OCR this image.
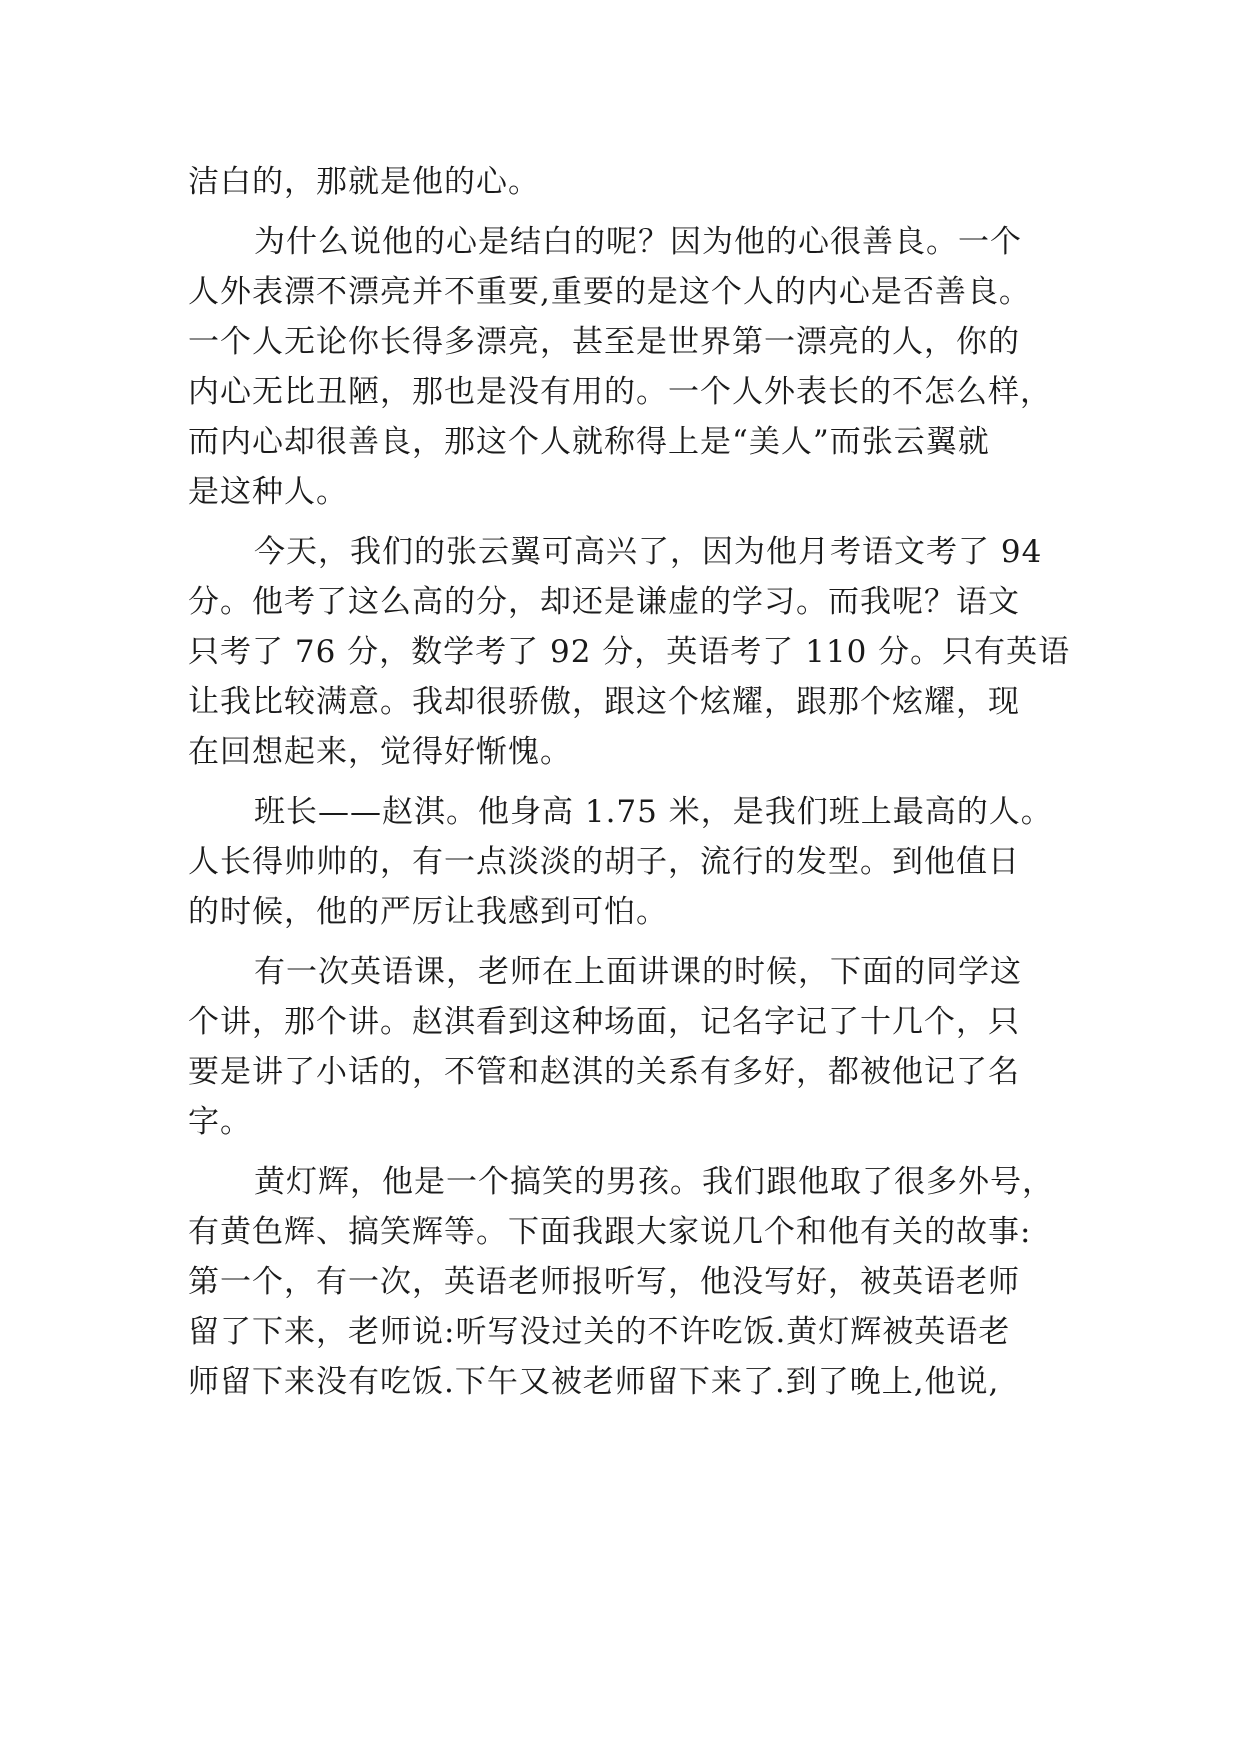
洁白的，那就是他的心。
为什么说他的心是结白的呢？因为他的心很善良。一个
人外表漂不漂亮并不重要,重要的是这个人的内心是否善良。
一个人无论你长得多漂亮，甚至是世界第一漂亮的人，你的
内心无比丑陋，那也是没有用的。一个人外表长的不怎么样，
而内心却很善良，那这个人就称得上是“美人”而张云翼就
是这种人。
今天，我们的张云翼可高兴了，因为他月考语文考了 94
分。他考了这么高的分，却还是谦虚的学习。而我呢？语文
只考了 76 分，数学考了 92 分，英语考了 110 分。只有英语
让我比较满意。我却很骄傲，跟这个炫耀，跟那个炫耀，现
在回想起来，觉得好惭愧。
班长——赵淇。他身高 1.75 米，是我们班上最高的人。
人长得帅帅的，有一点淡淡的胡子，流行的发型。到他值日
的时候，他的严厉让我感到可怕。
有一次英语课，老师在上面讲课的时候，下面的同学这
个讲，那个讲。赵淇看到这种场面，记名字记了十几个，只
要是讲了小话的，不管和赵淇的关系有多好，都被他记了名
字。
黄灯辉，他是一个搞笑的男孩。我们跟他取了很多外号，
有黄色辉、搞笑辉等。下面我跟大家说几个和他有关的故事:
第一个，有一次，英语老师报听写，他没写好，被英语老师
留了下来，老师说:听写没过关的不许吃饭.黄灯辉被英语老
师留下来没有吃饭.下午又被老师留下来了.到了晚上,他说,
